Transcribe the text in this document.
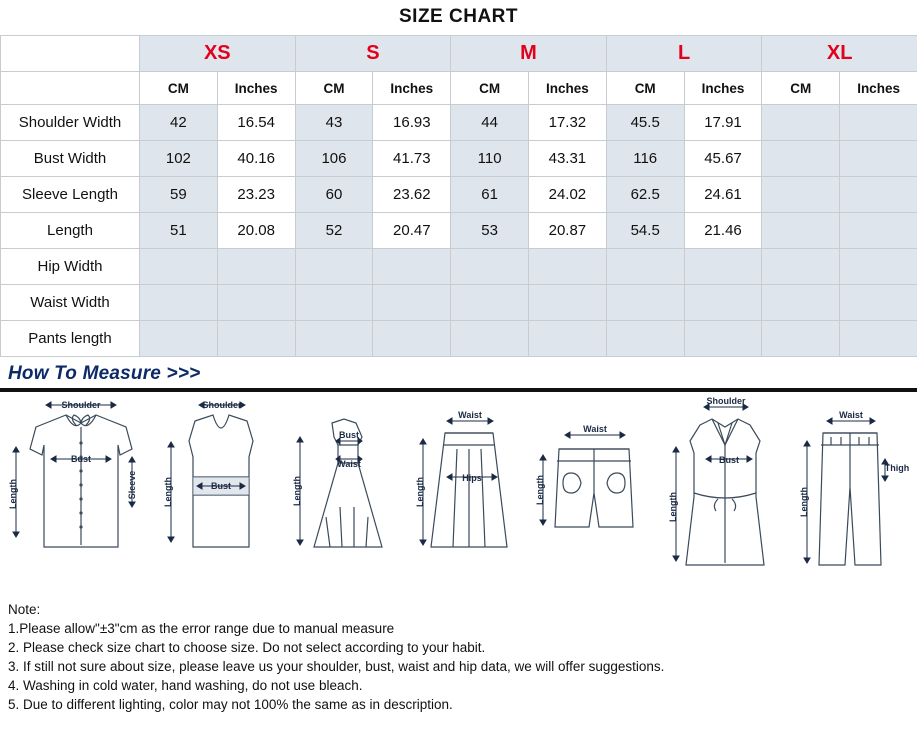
SIZE CHART
	XS		S		M		L		XL	
	CM	Inches	CM	Inches	CM	Inches	CM	Inches	CM	Inches
Shoulder Width	42	16.54	43	16.93	44	17.32	45.5	17.91		
Bust Width	102	40.16	106	41.73	110	43.31	116	45.67		
Sleeve Length	59	23.23	60	23.62	61	24.02	62.5	24.61		
Length	51	20.08	52	20.47	53	20.87	54.5	21.46		
Hip Width										
Waist Width										
Pants length										
How To Measure >>>
Shoulder
Bust
Length	Sleeve
Shoulder
Bust
Length
Bust
Waist
Length
Waist
Hips
Length
Waist
Length
Shoulder
Bust
Length
Waist
Length
Thigh
Note:
1.Please allow"±3"cm as the error range due to manual measure
2. Please check size chart to choose size. Do not select according to your habit.
3. If still not sure about size, please leave us your shoulder, bust, waist and hip data, we will offer suggestions.
4. Washing in cold water, hand washing, do not use bleach.
5. Due to different lighting, color may not 100% the same as in description.
